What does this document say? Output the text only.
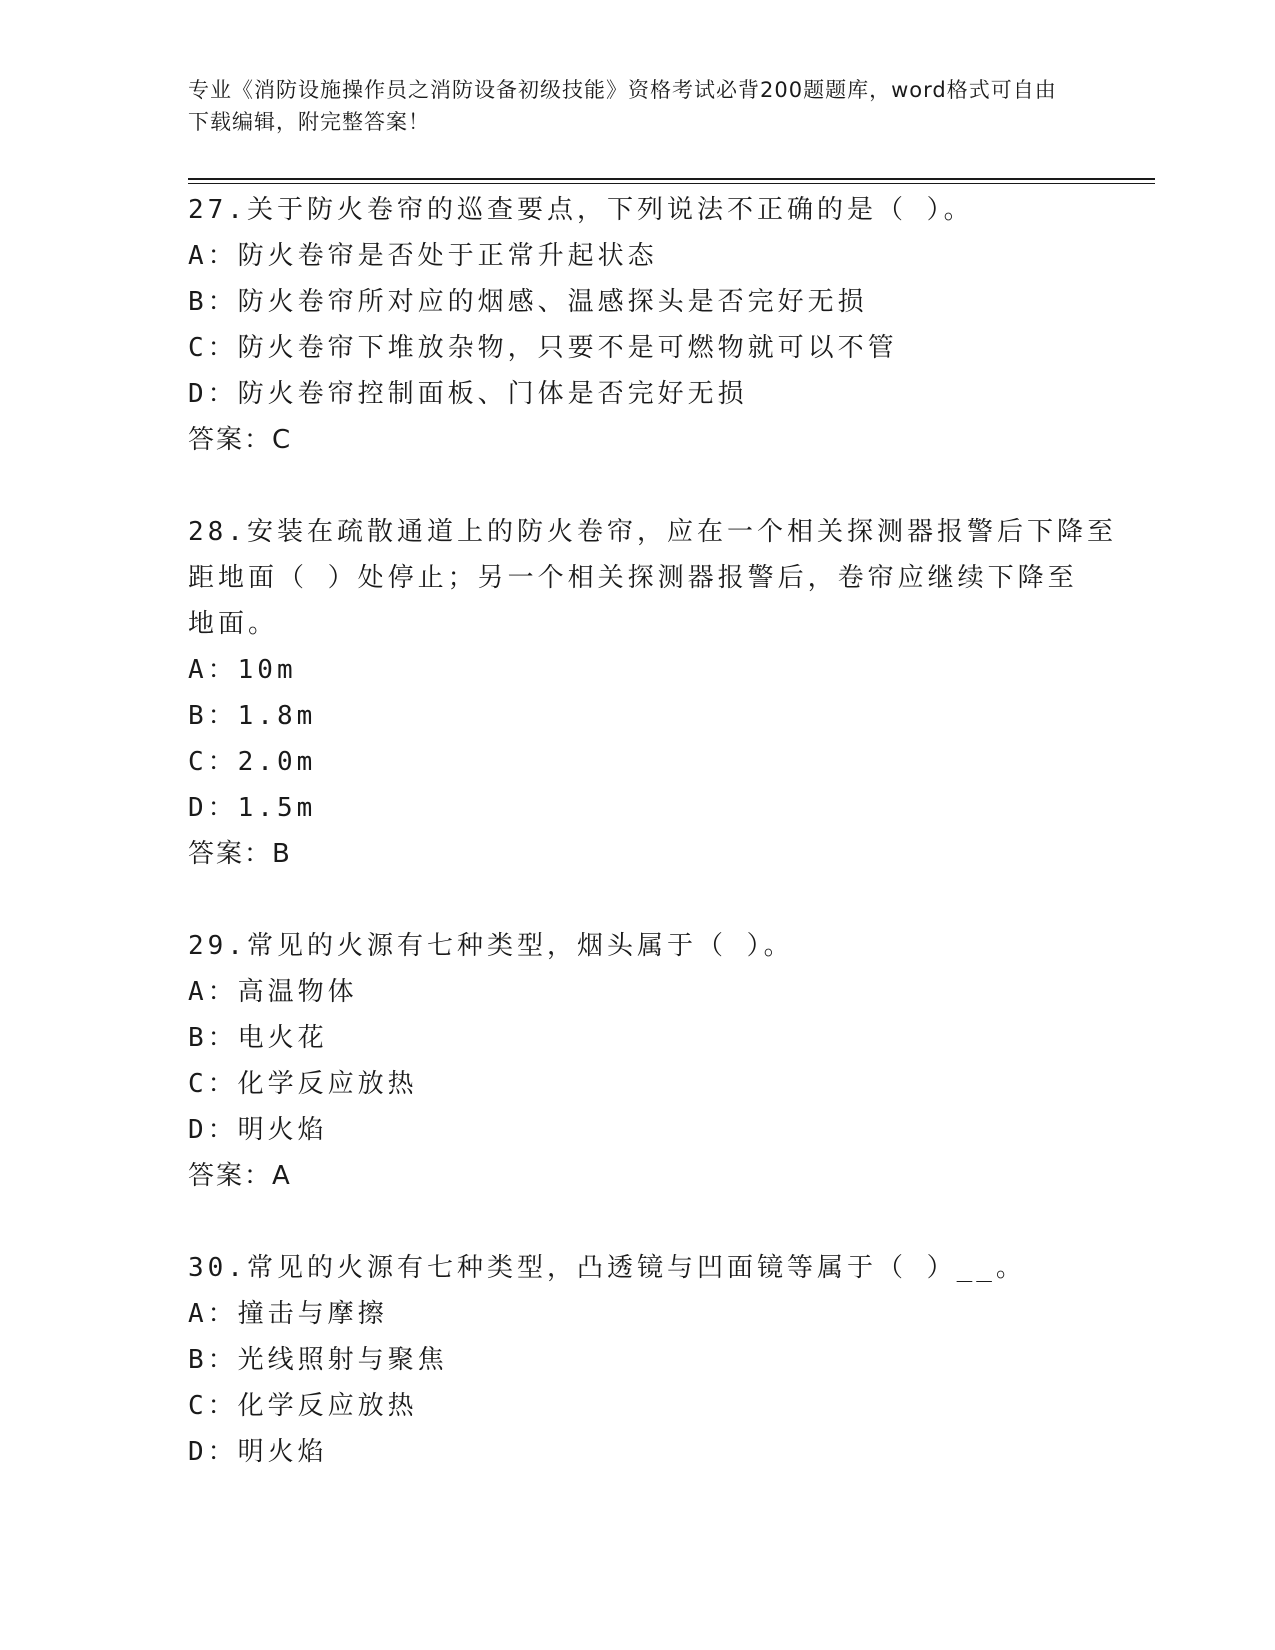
专业《消防设施操作员之消防设备初级技能》资格考试必背200题题库，word格式可自由下载编辑，附完整答案！
27.关于防火卷帘的巡查要点，下列说法不正确的是（ ）。
A：防火卷帘是否处于正常升起状态
B：防火卷帘所对应的烟感、温感探头是否完好无损
C：防火卷帘下堆放杂物，只要不是可燃物就可以不管
D：防火卷帘控制面板、门体是否完好无损
答案：C
28.安装在疏散通道上的防火卷帘，应在一个相关探测器报警后下降至
距地面（ ）处停止；另一个相关探测器报警后，卷帘应继续下降至
地面。
A：10m
B：1.8m
C：2.0m
D：1.5m
答案：B
29.常见的火源有七种类型，烟头属于（ ）。
A：高温物体
B：电火花
C：化学反应放热
D：明火焰
答案：A
30.常见的火源有七种类型，凸透镜与凹面镜等属于（ ）__。
A：撞击与摩擦
B：光线照射与聚焦
C：化学反应放热
D：明火焰
